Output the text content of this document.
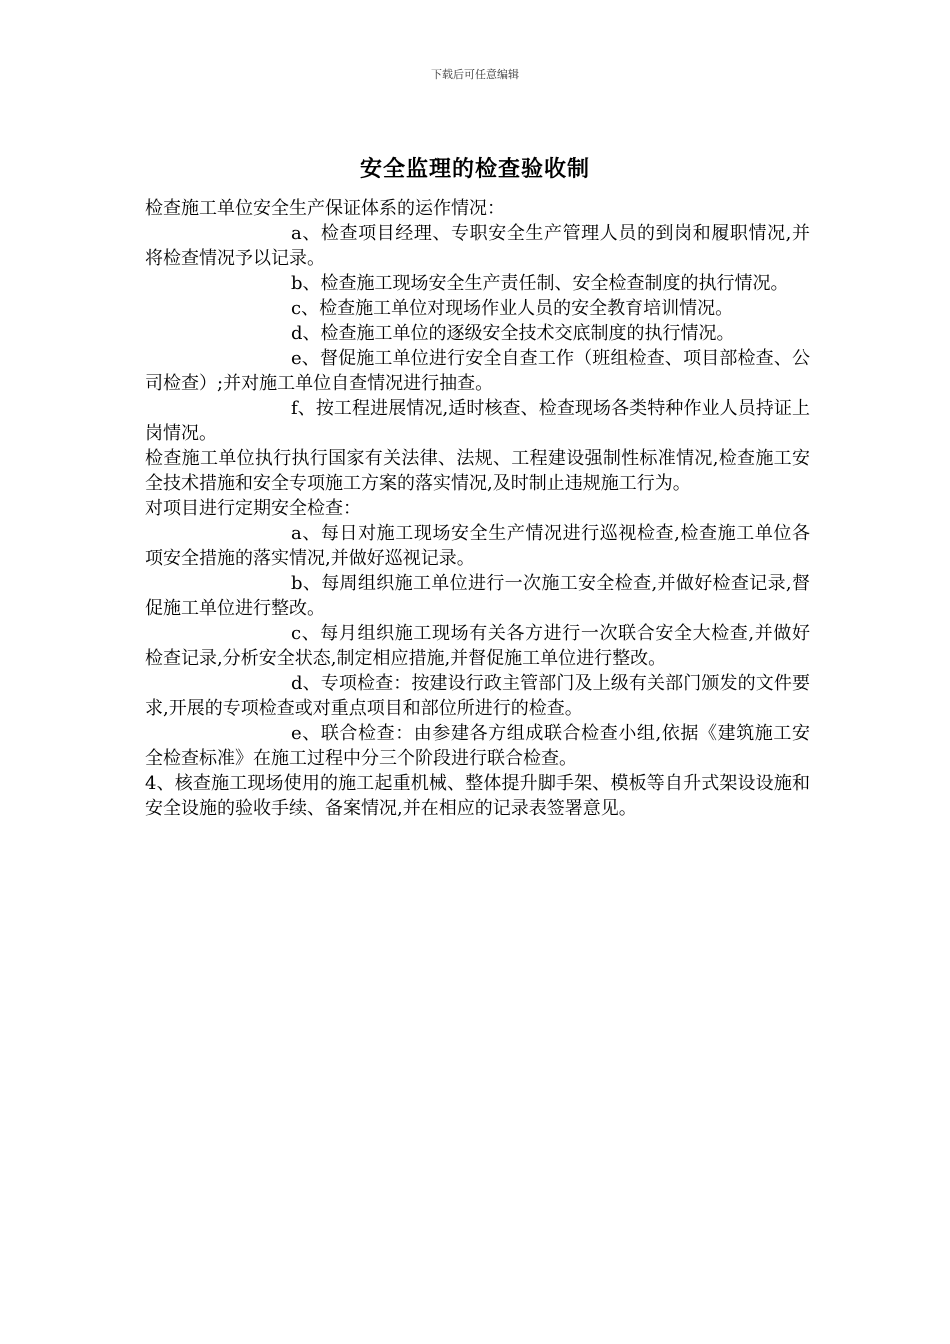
下载后可任意编辑
安全监理的检查验收制

检查施工单位安全生产保证体系的运作情况：

a、检查项目经理、专职安全生产管理人员的到岗和履职情况,并将检查情况予以记录。

b、检查施工现场安全生产责任制、安全检查制度的执行情况。

c、检查施工单位对现场作业人员的安全教育培训情况。

d、检查施工单位的逐级安全技术交底制度的执行情况。

e、督促施工单位进行安全自查工作（班组检查、项目部检查、公司检查）;并对施工单位自查情况进行抽查。

f、按工程进展情况,适时核查、检查现场各类特种作业人员持证上岗情况。

检查施工单位执行执行国家有关法律、法规、工程建设强制性标准情况,检查施工安全技术措施和安全专项施工方案的落实情况,及时制止违规施工行为。

对项目进行定期安全检查：

a、每日对施工现场安全生产情况进行巡视检查,检查施工单位各项安全措施的落实情况,并做好巡视记录。

b、每周组织施工单位进行一次施工安全检查,并做好检查记录,督促施工单位进行整改。

c、每月组织施工现场有关各方进行一次联合安全大检查,并做好检查记录,分析安全状态,制定相应措施,并督促施工单位进行整改。

d、专项检查：按建设行政主管部门及上级有关部门颁发的文件要求,开展的专项检查或对重点项目和部位所进行的检查。

e、联合检查：由参建各方组成联合检查小组,依据《建筑施工安全检查标准》在施工过程中分三个阶段进行联合检查。

4、核查施工现场使用的施工起重机械、整体提升脚手架、模板等自升式架设设施和安全设施的验收手续、备案情况,并在相应的记录表签署意见。
